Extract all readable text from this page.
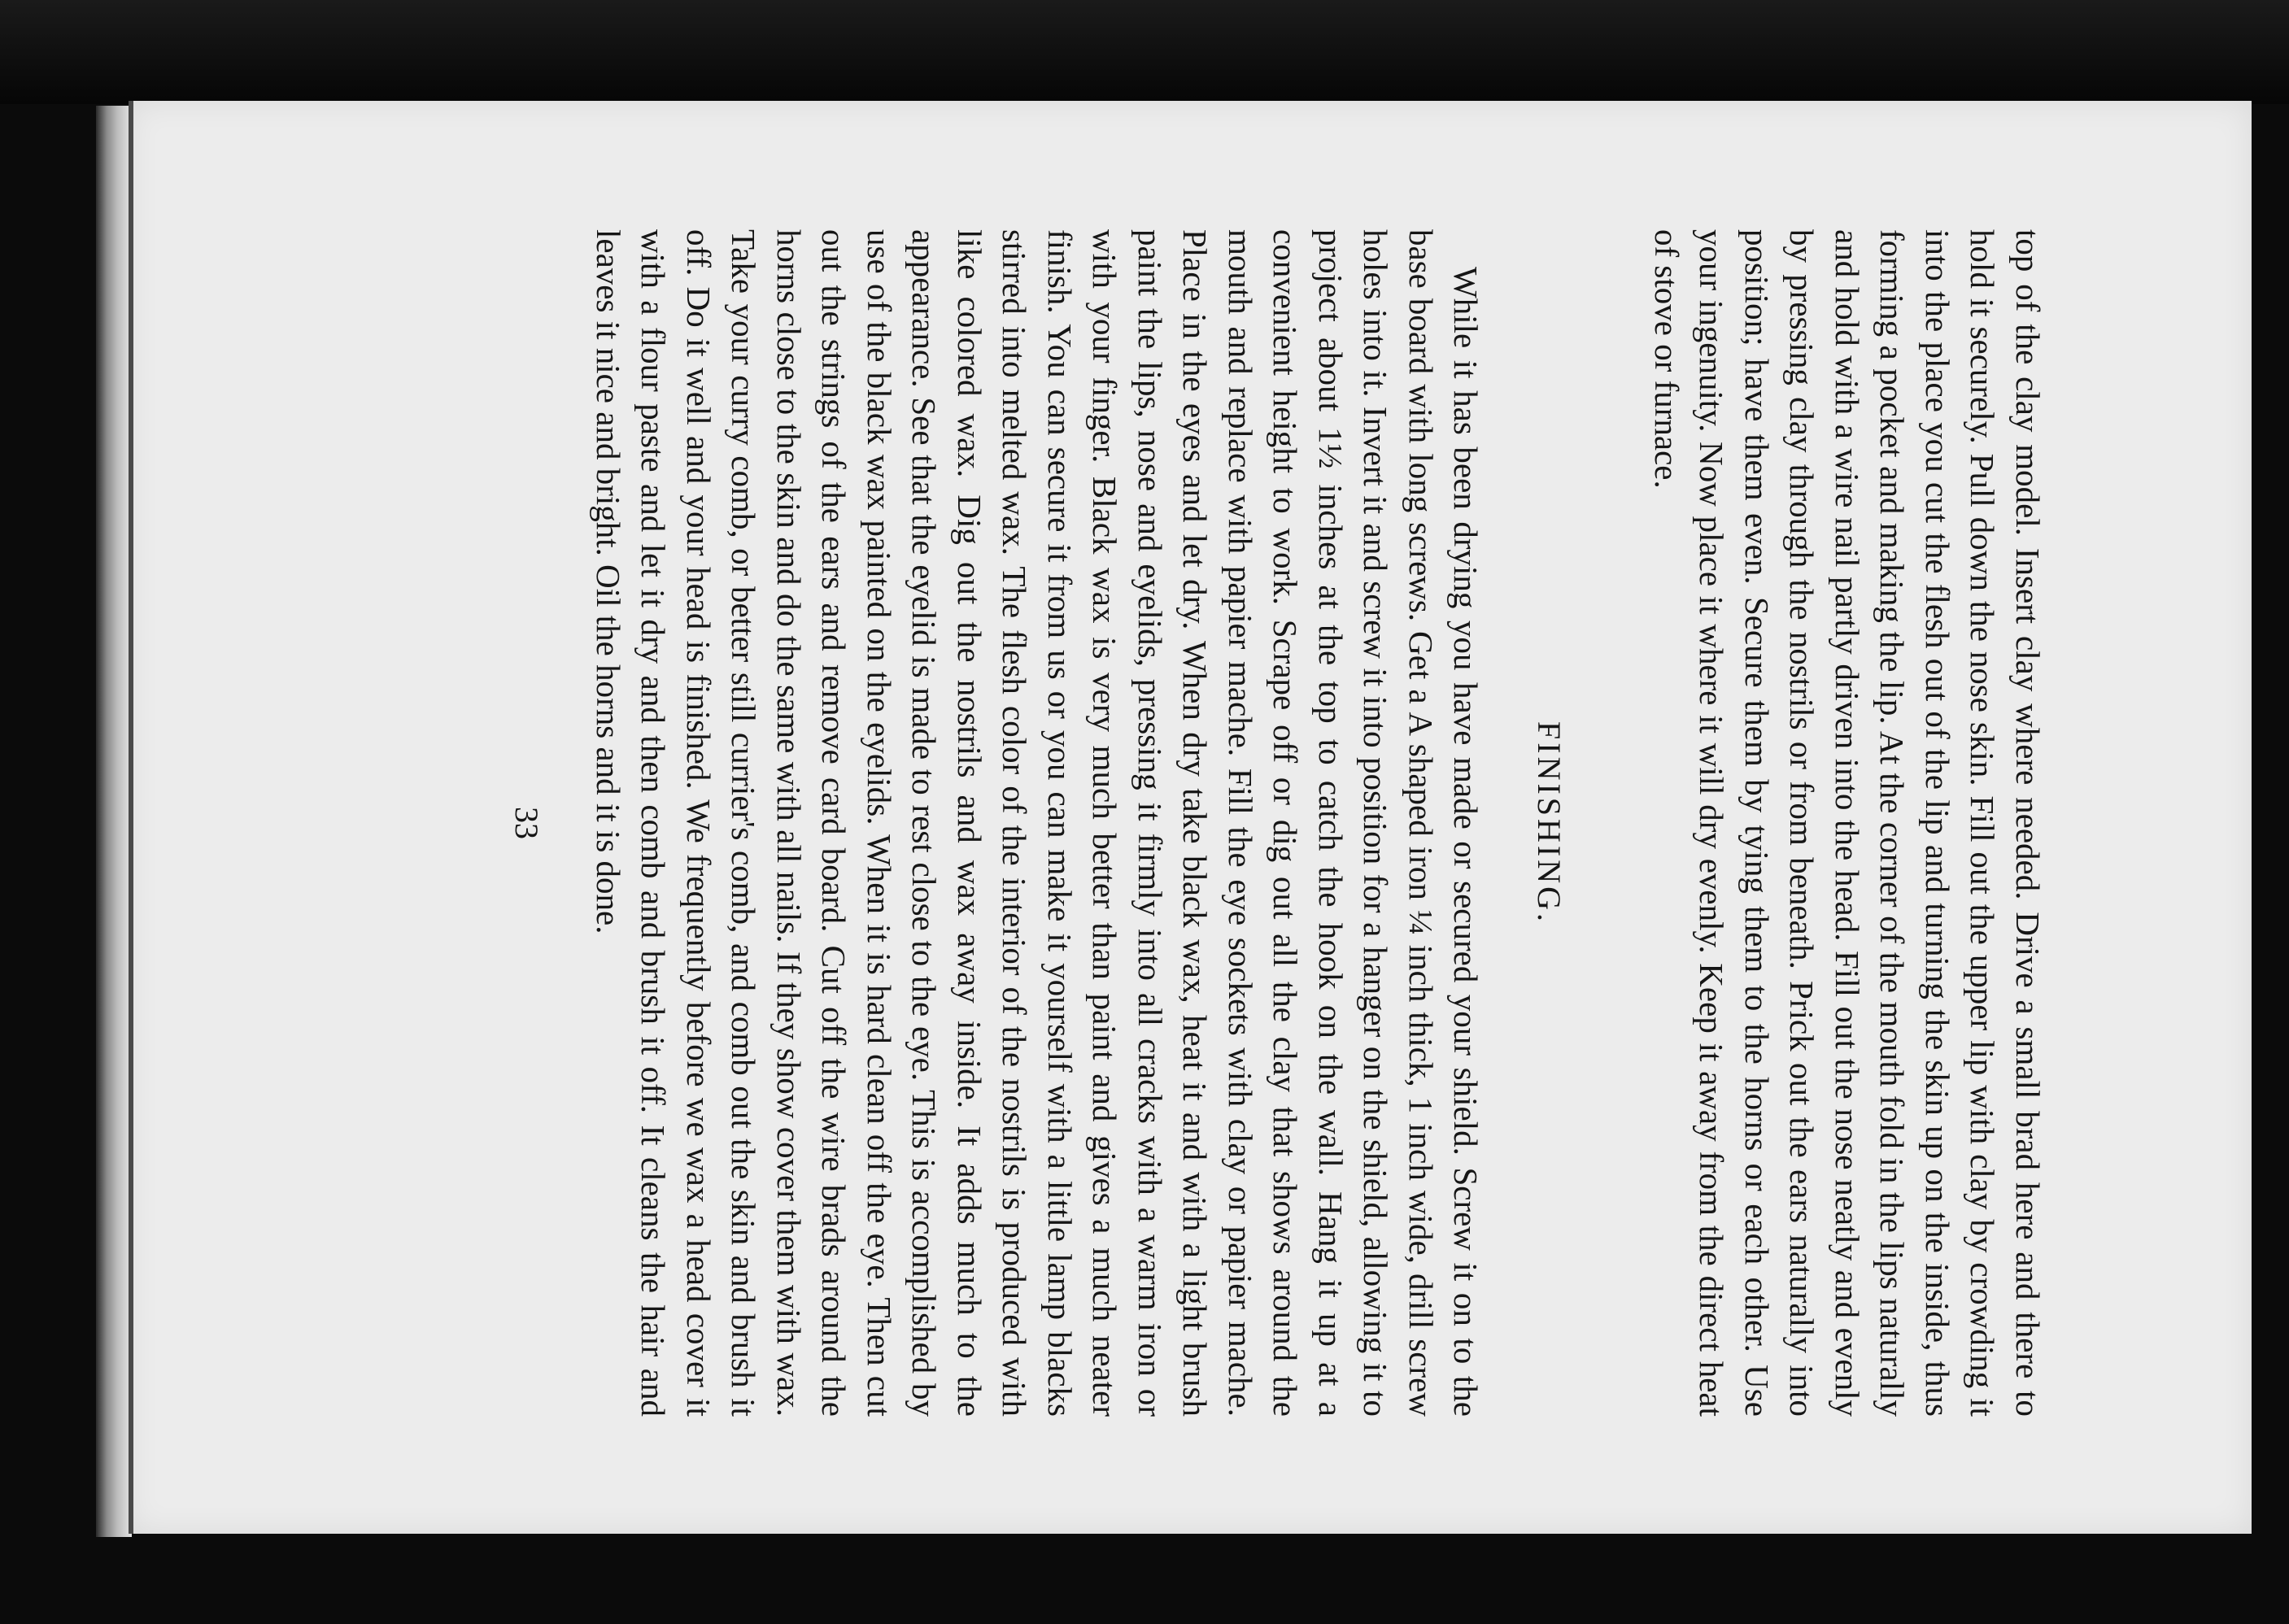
top of the clay model. Insert clay where needed. Drive a small brad here and there to hold it securely. Pull down the nose skin. Fill out the upper lip with clay by crowding it into the place you cut the flesh out of the lip and turning the skin up on the inside, thus forming a pocket and making the lip. At the corner of the mouth fold in the lips naturally and hold with a wire nail partly driven into the head. Fill out the nose neatly and evenly by pressing clay through the nostrils or from beneath. Prick out the ears naturally into position; have them even. Secure them by tying them to the horns or each other. Use your ingenuity. Now place it where it will dry evenly. Keep it away from the direct heat of stove or furnace.

FINISHING.

While it has been drying you have made or secured your shield. Screw it on to the base board with long screws. Get a A shaped iron ¼ inch thick, 1 inch wide, drill screw holes into it. Invert it and screw it into position for a hanger on the shield, allowing it to project about 1½ inches at the top to catch the hook on the wall. Hang it up at a convenient height to work. Scrape off or dig out all the clay that shows around the mouth and replace with papier mache. Fill the eye sockets with clay or papier mache. Place in the eyes and let dry. When dry take black wax, heat it and with a light brush paint the lips, nose and eyelids, pressing it firmly into all cracks with a warm iron or with your finger. Black wax is very much better than paint and gives a much neater finish. You can secure it from us or you can make it yourself with a little lamp blacks stirred into melted wax. The flesh color of the interior of the nostrils is produced with like colored wax. Dig out the nostrils and wax away inside. It adds much to the appearance. See that the eyelid is made to rest close to the eye. This is accomplished by use of the black wax painted on the eyelids. When it is hard clean off the eye. Then cut out the strings of the ears and remove card board. Cut off the wire brads around the horns close to the skin and do the same with all nails. If they show cover them with wax. Take your curry comb, or better still currier's comb, and comb out the skin and brush it off. Do it well and your head is finished. We frequently before we wax a head cover it with a flour paste and let it dry and then comb and brush it off. It cleans the hair and leaves it nice and bright. Oil the horns and it is done.

33
